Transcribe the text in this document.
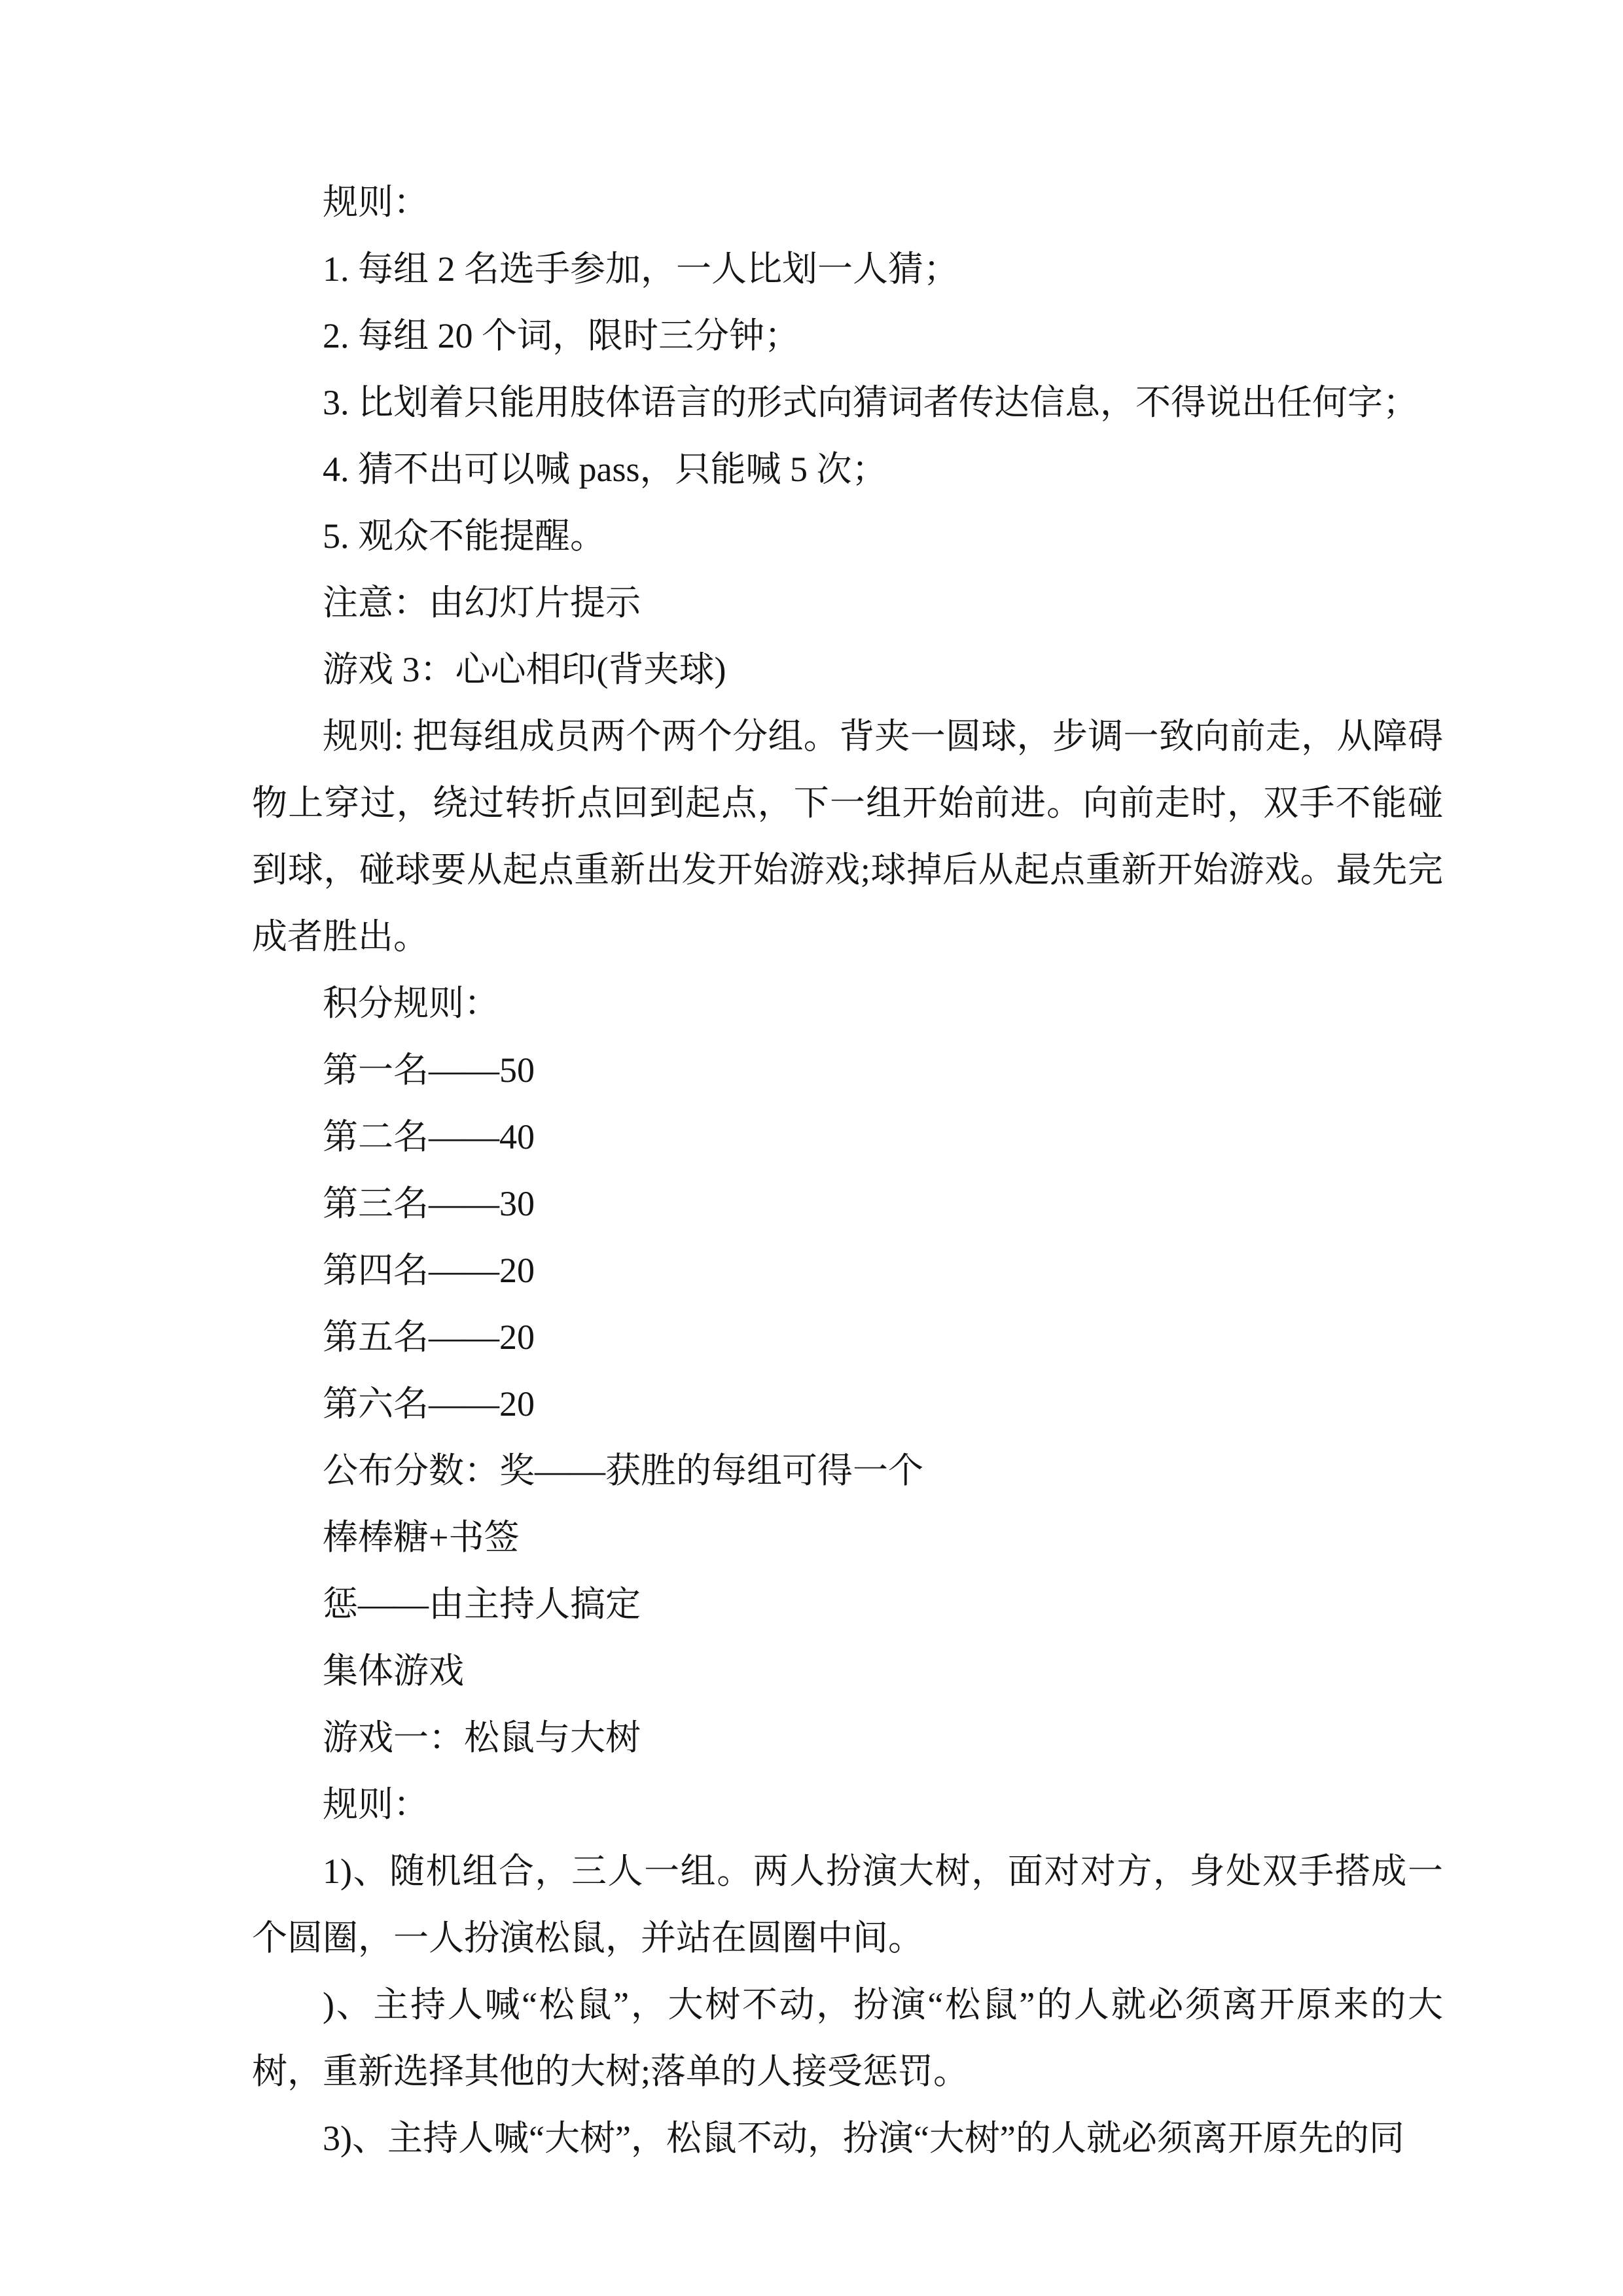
规则：

1. 每组 2 名选手参加，一人比划一人猜；

2. 每组 20 个词，限时三分钟；

3. 比划着只能用肢体语言的形式向猜词者传达信息，不得说出任何字；

4. 猜不出可以喊 pass，只能喊 5 次；

5. 观众不能提醒。

注意：由幻灯片提示

游戏 3：心心相印(背夹球)

规则: 把每组成员两个两个分组。背夹一圆球，步调一致向前走，从障碍物上穿过，绕过转折点回到起点，下一组开始前进。向前走时，双手不能碰到球，碰球要从起点重新出发开始游戏;球掉后从起点重新开始游戏。最先完成者胜出。

积分规则：

第一名——50

第二名——40

第三名——30

第四名——20

第五名——20

第六名——20

公布分数：奖——获胜的每组可得一个

棒棒糖+书签

惩——由主持人搞定

集体游戏

游戏一：松鼠与大树

规则：

1)、随机组合，三人一组。两人扮演大树，面对对方，身处双手搭成一个圆圈，一人扮演松鼠，并站在圆圈中间。

)、主持人喊“松鼠”，大树不动，扮演“松鼠”的人就必须离开原来的大树，重新选择其他的大树;落单的人接受惩罚。

3)、主持人喊“大树”，松鼠不动，扮演“大树”的人就必须离开原先的同
